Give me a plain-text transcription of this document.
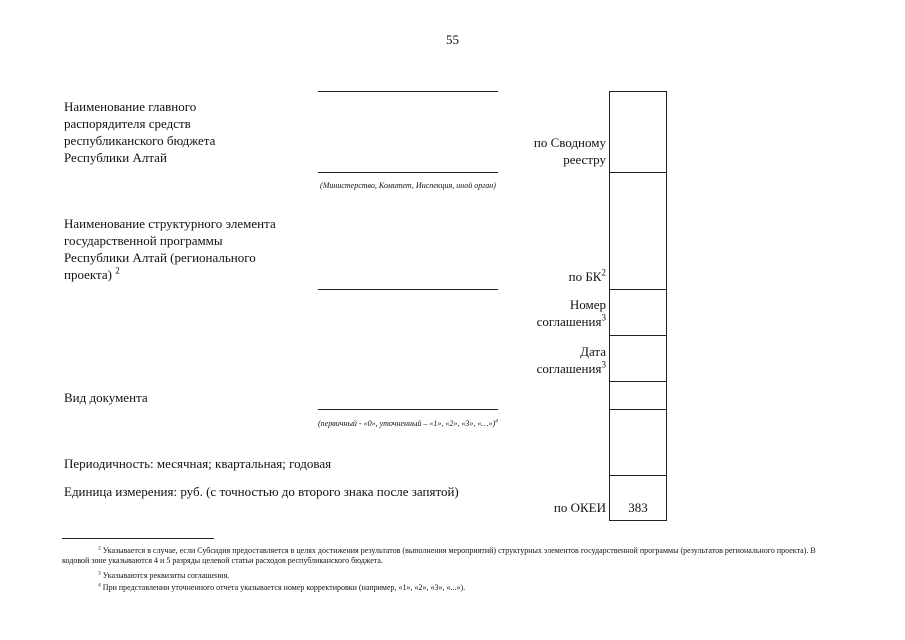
55
Наименование главного распорядителя средств республиканского бюджета Республики Алтай
(Министерство, Комитет, Инспекция, иной орган)
по Сводному реестру
Наименование структурного элемента государственной программы Республики Алтай (регионального проекта) $^2$	по $БК^2$
Номер соглашения$^3$
Дата соглашения$^3$
Вид документа
(первичный - «0», уточненный – «1», «2», «3», «…»)$^4$
Периодичность: месячная; квартальная; годовая
Единица измерения: руб. (с точностью до второго знака после запятой)
по ОКЕИ	383
$^2$ Указывается в случае, если Субсидия предоставляется в целях достижения результатов (выполнения мероприятий) структурных элементов государственной программы (результатов регионального проекта). В кодовой зоне указываются 4 и 5 разряды целевой статьи расходов республиканского бюджета.
$^3$ Указываются реквизиты соглашения.
$^4$ При представлении уточненного отчета указывается номер корректировки (например, «1», «2», «3», «...»).
